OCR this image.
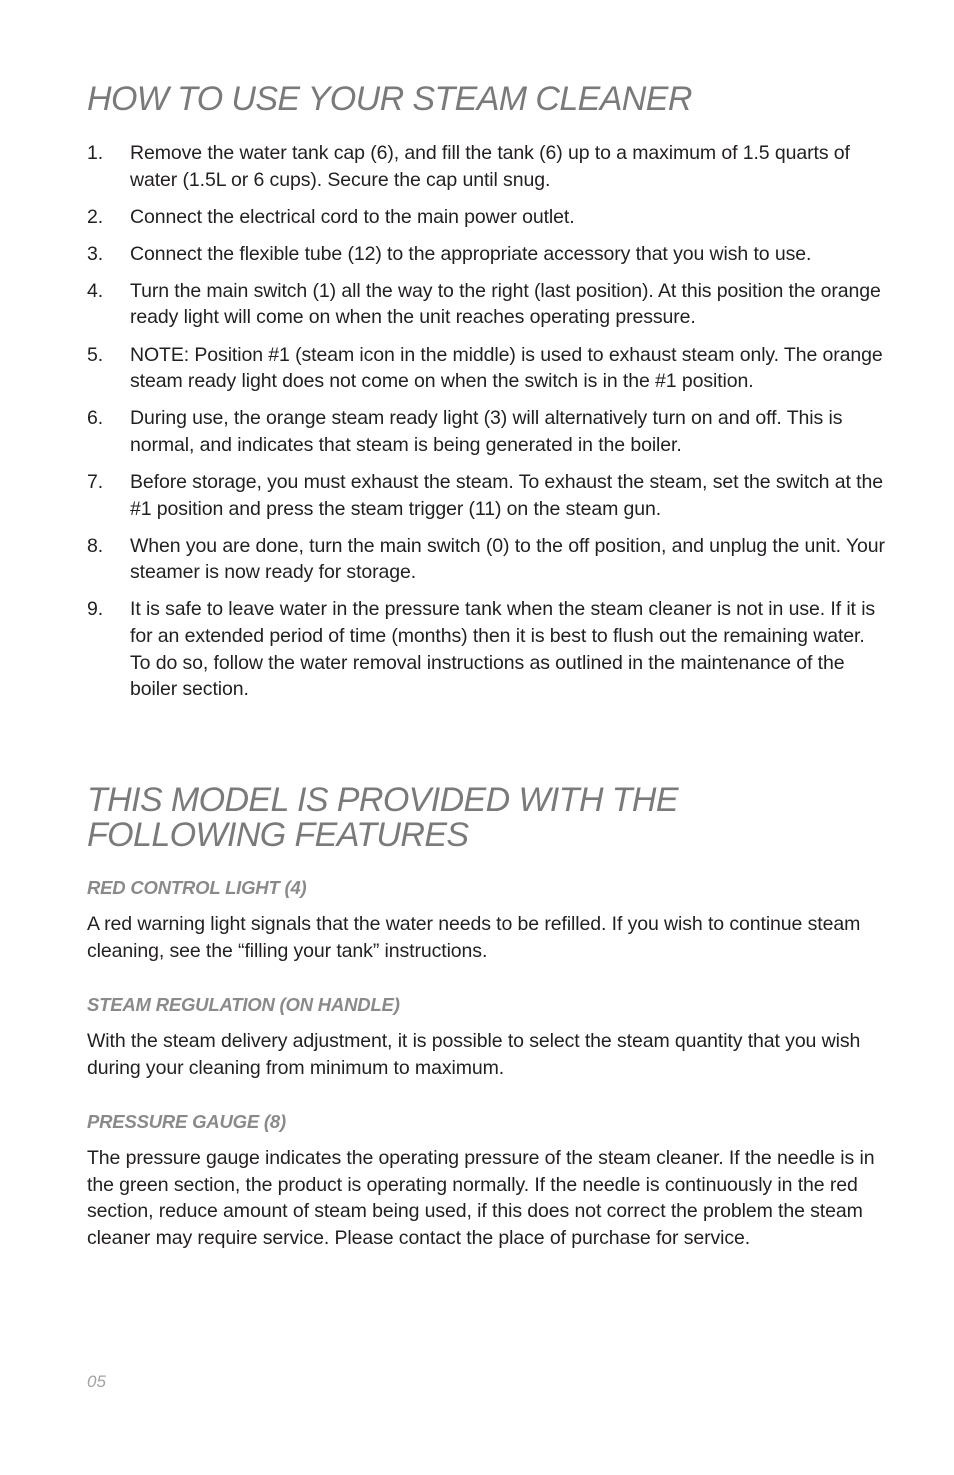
HOW TO USE YOUR STEAM CLEANER
1. Remove the water tank cap (6), and fill the tank (6) up to a maximum of 1.5 quarts of water (1.5L or 6 cups). Secure the cap until snug.
2. Connect the electrical cord to the main power outlet.
3. Connect the flexible tube (12) to the appropriate accessory that you wish to use.
4. Turn the main switch (1) all the way to the right (last position). At this position the orange ready light will come on when the unit reaches operating pressure.
5. NOTE: Position #1 (steam icon in the middle) is used to exhaust steam only. The orange steam ready light does not come on when the switch is in the #1 position.
6. During use, the orange steam ready light (3) will alternatively turn on and off. This is normal, and indicates that steam is being generated in the boiler.
7. Before storage, you must exhaust the steam. To exhaust the steam, set the switch at the #1 position and press the steam trigger (11) on the steam gun.
8. When you are done, turn the main switch (0) to the off position, and unplug the unit. Your steamer is now ready for storage.
9. It is safe to leave water in the pressure tank when the steam cleaner is not in use. If it is for an extended period of time (months) then it is best to flush out the remaining water. To do so, follow the water removal instructions as outlined in the maintenance of the boiler section.
THIS MODEL IS PROVIDED WITH THE FOLLOWING FEATURES
RED CONTROL LIGHT (4)

A red warning light signals that the water needs to be refilled. If you wish to continue steam cleaning, see the “filling your tank” instructions.

STEAM REGULATION (ON HANDLE)

With the steam delivery adjustment, it is possible to select the steam quantity that you wish during your cleaning from minimum to maximum.

PRESSURE GAUGE (8)

The pressure gauge indicates the operating pressure of the steam cleaner. If the needle is in the green section, the product is operating normally. If the needle is continuously in the red section, reduce amount of steam being used, if this does not correct the problem the steam cleaner may require service. Please contact the place of purchase for service.

05
